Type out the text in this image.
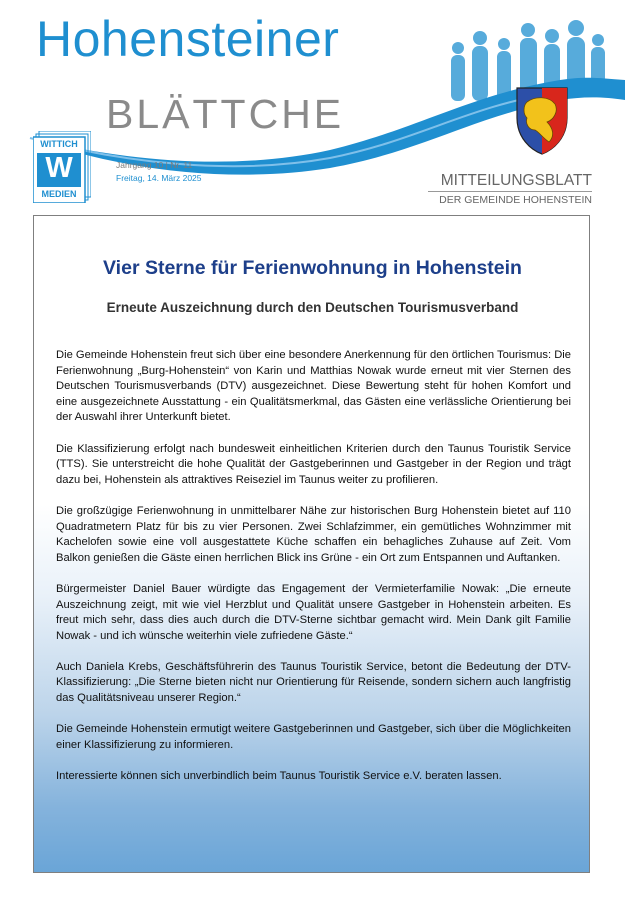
Hohensteiner
BLÄTTCHE
WITTICH
W
MEDIEN
Jahrgang 10 | Nr. 11
Freitag, 14. März 2025	MITTEILUNGSBLATT
DER GEMEINDE HOHENSTEIN
Vier Sterne für Ferienwohnung in Hohenstein
Erneute Auszeichnung durch den Deutschen Tourismusverband

Die Gemeinde Hohenstein freut sich über eine besondere Anerkennung für den örtlichen Tourismus: Die Ferienwohnung „Burg-Hohenstein“ von Karin und Matthias Nowak wurde erneut mit vier Sternen des Deutschen Tourismusverbands (DTV) ausgezeichnet. Diese Bewertung steht für hohen Komfort und eine ausgezeichnete Ausstattung - ein Qualitätsmerkmal, das Gästen eine verlässliche Orientierung bei der Auswahl ihrer Unterkunft bietet.

Die Klassifizierung erfolgt nach bundesweit einheitlichen Kriterien durch den Taunus Touristik Service (TTS). Sie unterstreicht die hohe Qualität der Gastgeberinnen und Gastgeber in der Region und trägt dazu bei, Hohenstein als attraktives Reiseziel im Taunus weiter zu profilieren.

Die großzügige Ferienwohnung in unmittelbarer Nähe zur historischen Burg Hohenstein bietet auf 110 Quadratmetern Platz für bis zu vier Personen. Zwei Schlafzimmer, ein gemütliches Wohnzimmer mit Kachelofen sowie eine voll ausgestattete Küche schaffen ein behagliches Zuhause auf Zeit. Vom Balkon genießen die Gäste einen herrlichen Blick ins Grüne - ein Ort zum Entspannen und Auftanken.

Bürgermeister Daniel Bauer würdigte das Engagement der Vermieterfamilie Nowak: „Die erneute Auszeichnung zeigt, mit wie viel Herzblut und Qualität unsere Gastgeber in Hohenstein arbeiten. Es freut mich sehr, dass dies auch durch die DTV-Sterne sichtbar gemacht wird. Mein Dank gilt Familie Nowak - und ich wünsche weiterhin viele zufriedene Gäste.“

Auch Daniela Krebs, Geschäftsführerin des Taunus Touristik Service, betont die Bedeutung der DTV-Klassifizierung: „Die Sterne bieten nicht nur Orientierung für Reisende, sondern sichern auch langfristig das Qualitätsniveau unserer Region.“

Die Gemeinde Hohenstein ermutigt weitere Gastgeberinnen und Gastgeber, sich über die Möglichkeiten einer Klassifizierung zu informieren.

Interessierte können sich unverbindlich beim Taunus Touristik Service e.V. beraten lassen.
